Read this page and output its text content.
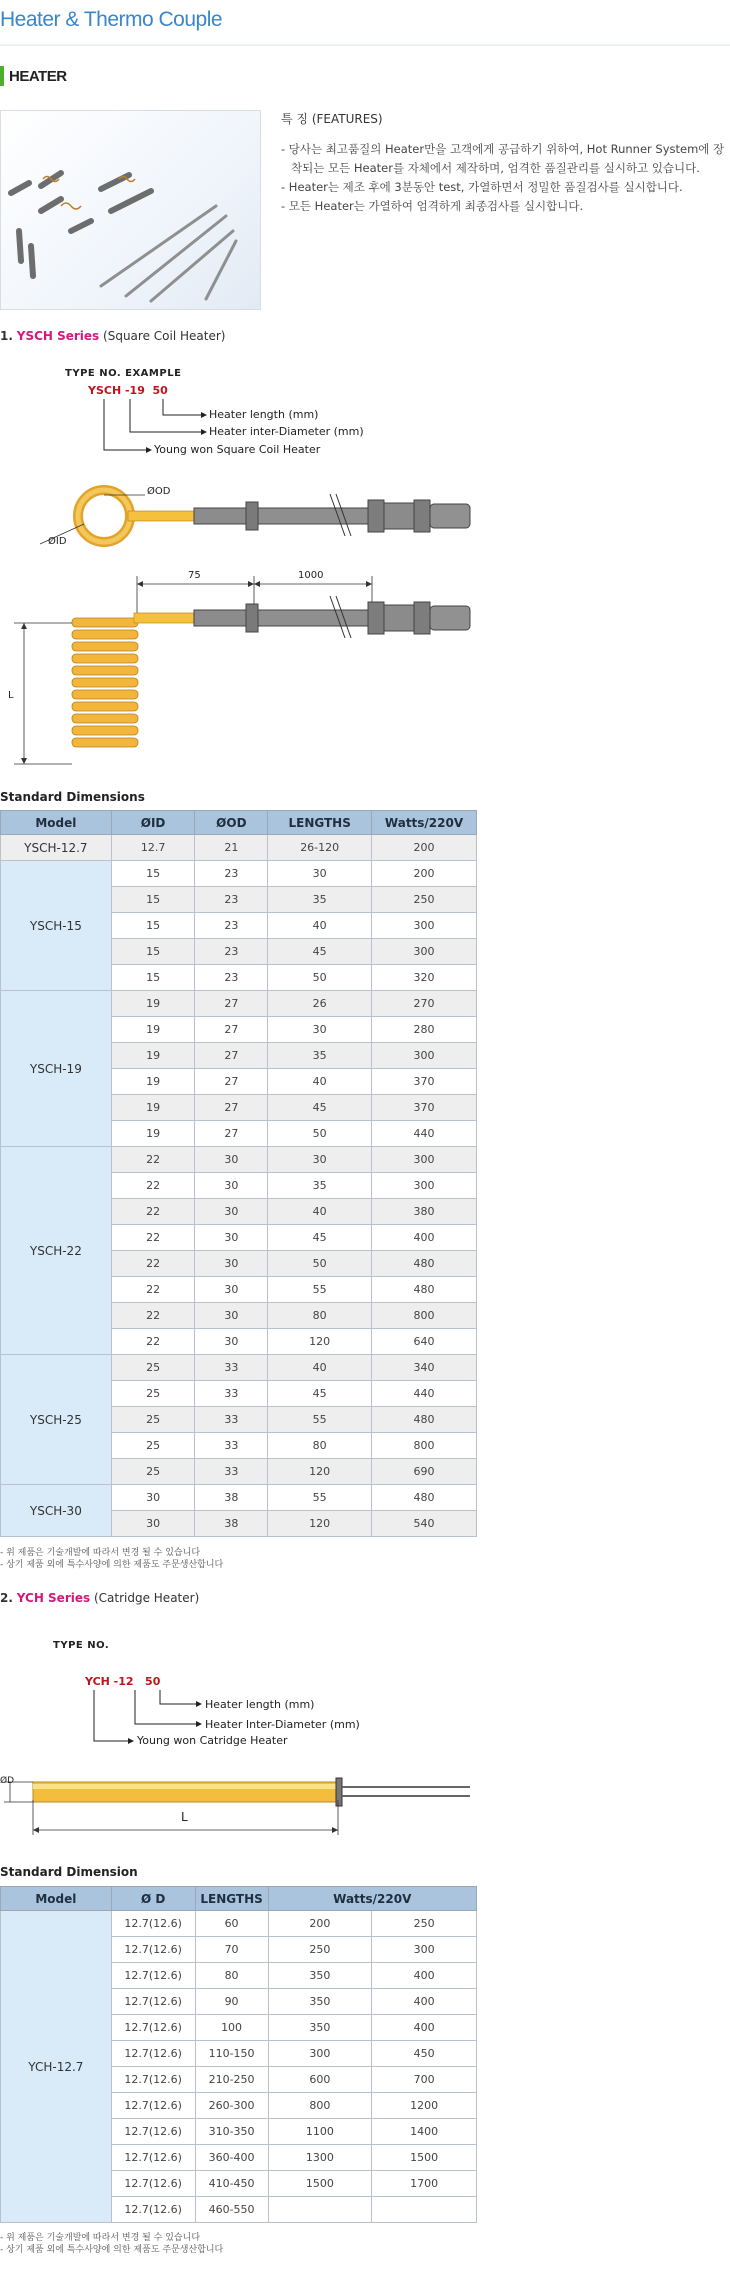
Heater & Thermo Couple
HEATER
특 징 (FEATURES)
- 당사는 최고품질의 Heater만을 고객에게 공급하기 위하여, Hot Runner System에 장착되는 모든 Heater를 자체에서 제작하며, 엄격한 품질관리를 실시하고 있습니다.
- Heater는 제조 후에 3분동안 test, 가열하면서 정밀한 품질검사를 실시합니다.
- 모든 Heater는 가열하여 엄격하게 최종검사를 실시합니다.
1. YSCH Series (Square Coil Heater)
TYPE NO. EXAMPLE
YSCH -19  50
Heater length (mm)
Heater inter-Diameter (mm)
Young won Square Coil Heater
ØOD
ØID
75	1000
L
Standard Dimensions
Model	ØID	ØOD	LENGTHS	Watts/220V
YSCH-12.7	12.7	21	26-120	200
YSCH-15	15	23	30	200
	15	23	35	250
	15	23	40	300
	15	23	45	300
	15	23	50	320
YSCH-19	19	27	26	270
	19	27	30	280
	19	27	35	300
	19	27	40	370
	19	27	45	370
	19	27	50	440
YSCH-22	22	30	30	300
	22	30	35	300
	22	30	40	380
	22	30	45	400
	22	30	50	480
	22	30	55	480
	22	30	80	800
	22	30	120	640
YSCH-25	25	33	40	340
	25	33	45	440
	25	33	55	480
	25	33	80	800
	25	33	120	690
YSCH-30	30	38	55	480
	30	38	120	540
- 위 제품은 기술개발에 따라서 변경 될 수 있습니다
- 상기 제품 외에 특수사양에 의한 제품도 주문생산합니다
2. YCH Series (Catridge Heater)
TYPE NO.
YCH -12   50
Heater length (mm)
Heater Inter-Diameter (mm)
Young won Catridge Heater
ØD
L
Standard Dimension
Model	Ø D	LENGTHS	Watts/220V	
YCH-12.7	12.7(12.6)	60	200	250
	12.7(12.6)	70	250	300
	12.7(12.6)	80	350	400
	12.7(12.6)	90	350	400
	12.7(12.6)	100	350	400
	12.7(12.6)	110-150	300	450
	12.7(12.6)	210-250	600	700
	12.7(12.6)	260-300	800	1200
	12.7(12.6)	310-350	1100	1400
	12.7(12.6)	360-400	1300	1500
	12.7(12.6)	410-450	1500	1700
	12.7(12.6)	460-550		
- 위 제품은 기술개발에 따라서 변경 될 수 있습니다
- 상기 제품 외에 특수사양에 의한 제품도 주문생산합니다
